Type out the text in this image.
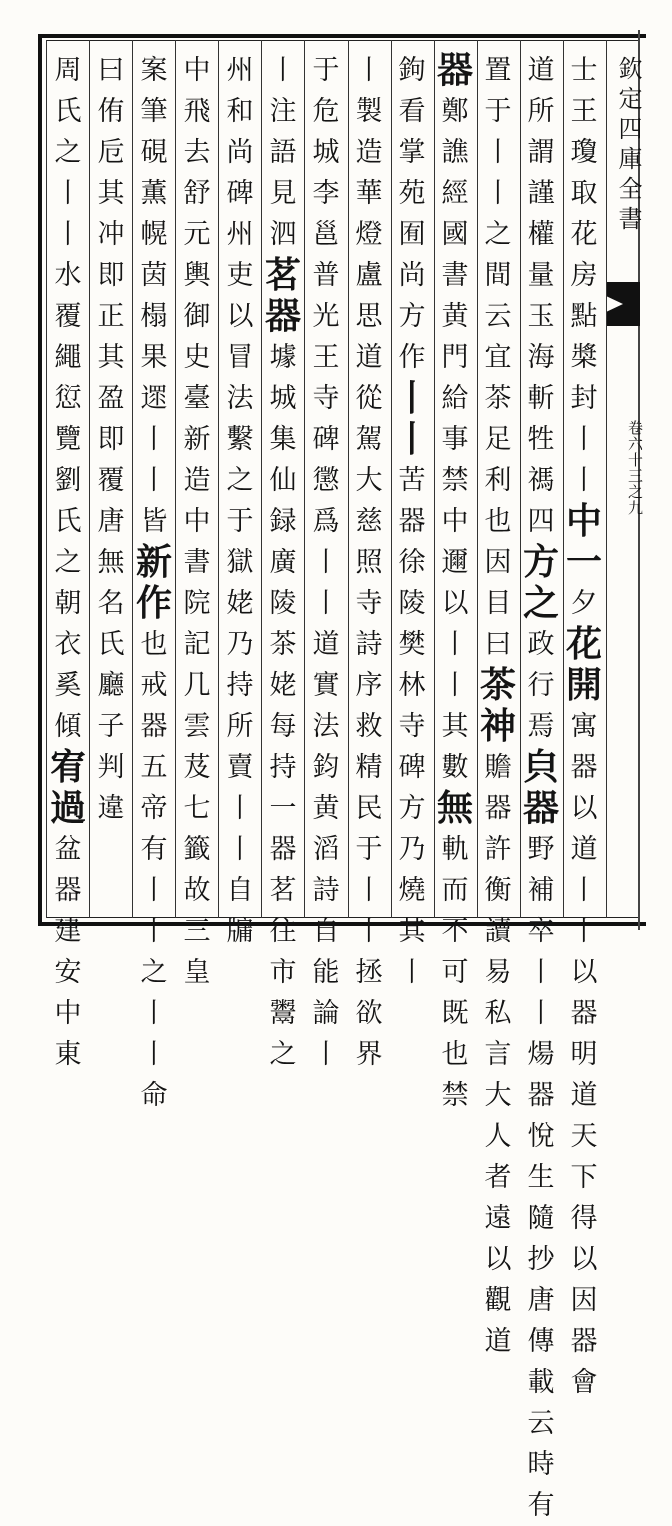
欽定四庫全書
卷六十三之九
士
王
瓊
取
花
房
點
槳
封
丨
丨
中
一
夕
花
開
寓
器
以
道
丨
丨
以
器
明
道
天
下
得
以
因
器
會
道
所
謂
謹
權
量
玉
海
斬
牲
禡
四
方
之
政
行
焉
㒵
器
野
補
卒
丨
丨
煬
器
悅
生
隨
抄
唐
傳
載
云
時
有
置
于
丨
丨
之
間
云
宜
茶
足
利
也
因
目
曰
茶
神
贍
器
許
衡
讀
易
私
言
大
人
者
遠
以
觀
道
器
鄭
譙
經
國
書
黄
門
給
事
禁
中
邇
以
丨
丨
其
數
無
軌
而
不
可
既
也
禁
鉤
看
掌
苑
囿
尚
方
作
丨
丨
苦
器
徐
陵
樊
林
寺
碑
方
乃
燒
其
丨
丨
製
造
華
燈
盧
思
道
從
駕
大
慈
照
寺
詩
序
救
精
民
于
丨
丨
拯
欲
界
于
危
城
李
邕
普
光
王
寺
碑
懲
爲
丨
丨
道
實
法
鈞
黄
滔
詩
自
能
論
丨
丨
注
語
見
泗
茗
器
壉
城
集
仙
録
廣
陵
茶
姥
每
持
一
器
茗
往
市
鬻
之
州
和
尚
碑
州
吏
以
冒
法
繫
之
于
獄
姥
乃
持
所
賣
丨
丨
自
牖
中
飛
去
舒
元
輿
御
史
臺
新
造
中
書
院
記
几
雲
芨
七
籤
故
三
皇
案
筆
硯
薫
幌
茵
榻
果
遝
丨
丨
皆
新
作
也
戒
器
五
帝
有
丨
丨
之
丨
丨
命
曰
侑
卮
其
冲
即
正
其
盈
即
覆
唐
無
名
氏
廳
子
判
違
周
氏
之
丨
丨
水
覆
繩
愆
覽
劉
氏
之
朝
衣
奚
傾
宥
過
盆
器
建
安
中
東
